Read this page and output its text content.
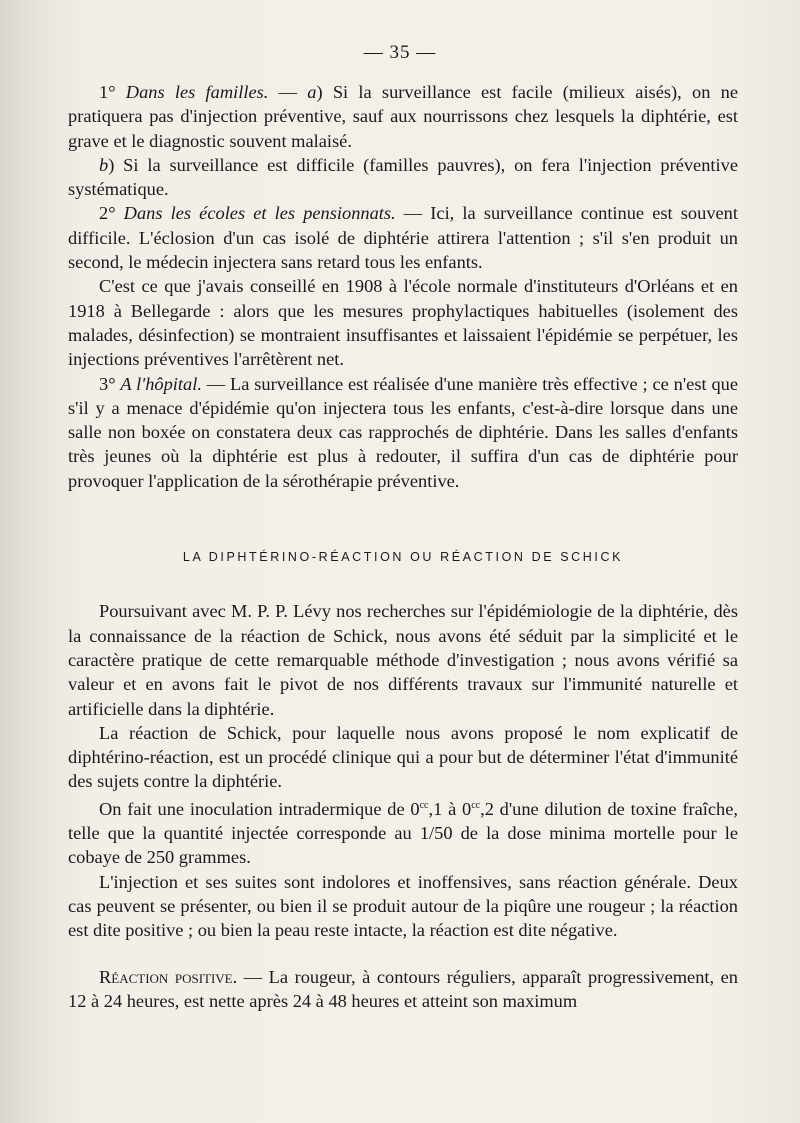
— 35 —

1° Dans les familles. — a) Si la surveillance est facile (milieux aisés), on ne pratiquera pas d'injection préventive, sauf aux nourrissons chez lesquels la diphtérie, est grave et le diagnostic souvent malaisé.

b) Si la surveillance est difficile (familles pauvres), on fera l'injection préventive systématique.

2° Dans les écoles et les pensionnats. — Ici, la surveillance continue est souvent difficile. L'éclosion d'un cas isolé de diphtérie attirera l'attention ; s'il s'en produit un second, le médecin injectera sans retard tous les enfants.

C'est ce que j'avais conseillé en 1908 à l'école normale d'instituteurs d'Orléans et en 1918 à Bellegarde : alors que les mesures prophylactiques habituelles (isolement des malades, désinfection) se montraient insuffisantes et laissaient l'épidémie se perpétuer, les injections préventives l'arrêtèrent net.

3° A l'hôpital. — La surveillance est réalisée d'une manière très effective ; ce n'est que s'il y a menace d'épidémie qu'on injectera tous les enfants, c'est-à-dire lorsque dans une salle non boxée on constatera deux cas rapprochés de diphtérie. Dans les salles d'enfants très jeunes où la diphtérie est plus à redouter, il suffira d'un cas de diphtérie pour provoquer l'application de la sérothérapie préventive.

LA DIPHTÉRINO-RÉACTION OU RÉACTION DE SCHICK

Poursuivant avec M. P. P. Lévy nos recherches sur l'épidémiologie de la diphtérie, dès la connaissance de la réaction de Schick, nous avons été séduit par la simplicité et le caractère pratique de cette remarquable méthode d'investigation ; nous avons vérifié sa valeur et en avons fait le pivot de nos différents travaux sur l'immunité naturelle et artificielle dans la diphtérie.

La réaction de Schick, pour laquelle nous avons proposé le nom explicatif de diphtérino-réaction, est un procédé clinique qui a pour but de déterminer l'état d'immunité des sujets contre la diphtérie.

On fait une inoculation intradermique de $0^{cc},1$ à $0^{cc},2$ d'une dilution de toxine fraîche, telle que la quantité injectée corresponde au 1/50 de la dose minima mortelle pour le cobaye de 250 grammes.

L'injection et ses suites sont indolores et inoffensives, sans réaction générale. Deux cas peuvent se présenter, ou bien il se produit autour de la piqûre une rougeur ; la réaction est dite positive ; ou bien la peau reste intacte, la réaction est dite négative.

Réaction positive. — La rougeur, à contours réguliers, apparaît progressivement, en 12 à 24 heures, est nette après 24 à 48 heures et atteint son maximum
